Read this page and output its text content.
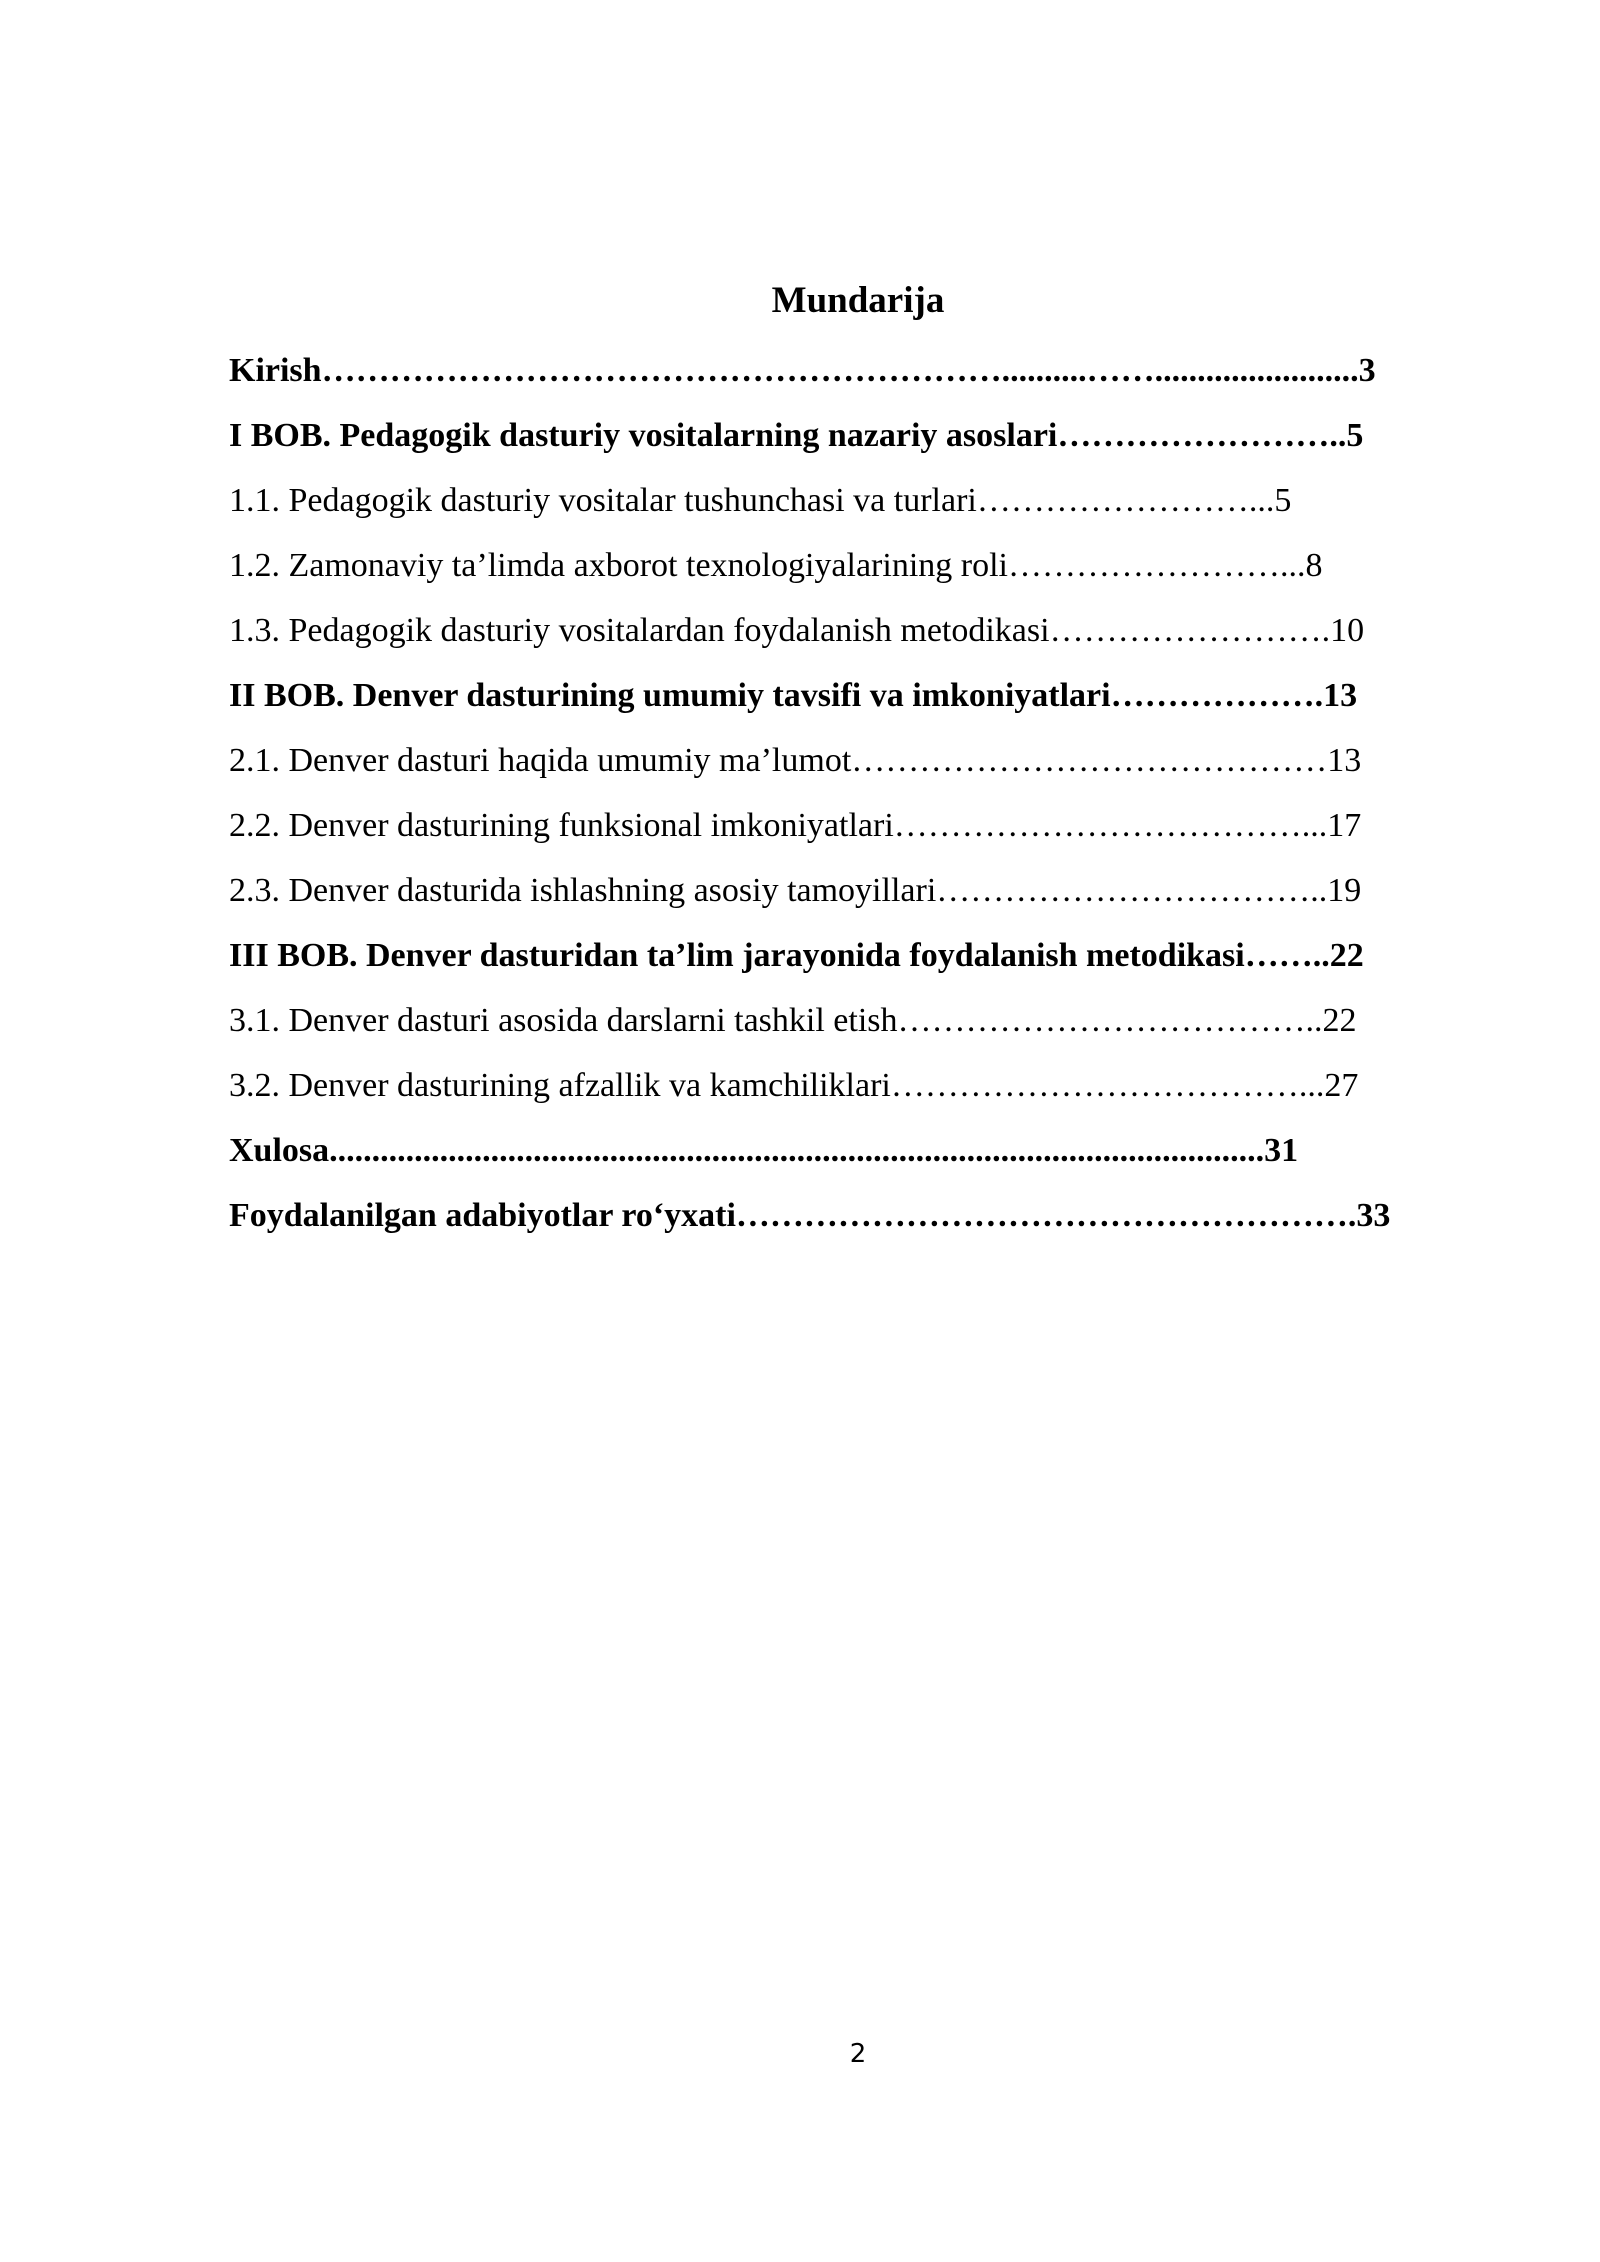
Mundarija
Kirish……………………………………………………..........……........................3
I BOB. Pedagogik dasturiy vositalarning nazariy asoslari……………………..5
1.1. Pedagogik dasturiy vositalar tushunchasi va turlari……………………...5
1.2. Zamonaviy ta’limda axborot texnologiyalarining roli……………………...8
1.3. Pedagogik dasturiy vositalardan foydalanish metodikasi…………………….10
II BOB. Denver dasturining umumiy tavsifi va imkoniyatlari……………….13
2.1. Denver dasturi haqida umumiy ma’lumot……………………………………13
2.2. Denver dasturining funksional imkoniyatlari………………………………...17
2.3. Denver dasturida ishlashning asosiy tamoyillari……………………………..19
III BOB. Denver dasturidan ta’lim jarayonida foydalanish metodikasi……..22
3.1. Denver dasturi asosida darslarni tashkil etish………………………………..22
3.2. Denver dasturining afzallik va kamchiliklari………………………………...27
Xulosa..............................................................................................................31
Foydalanilgan adabiyotlar ro‘yxati……………………………………………….33
2
